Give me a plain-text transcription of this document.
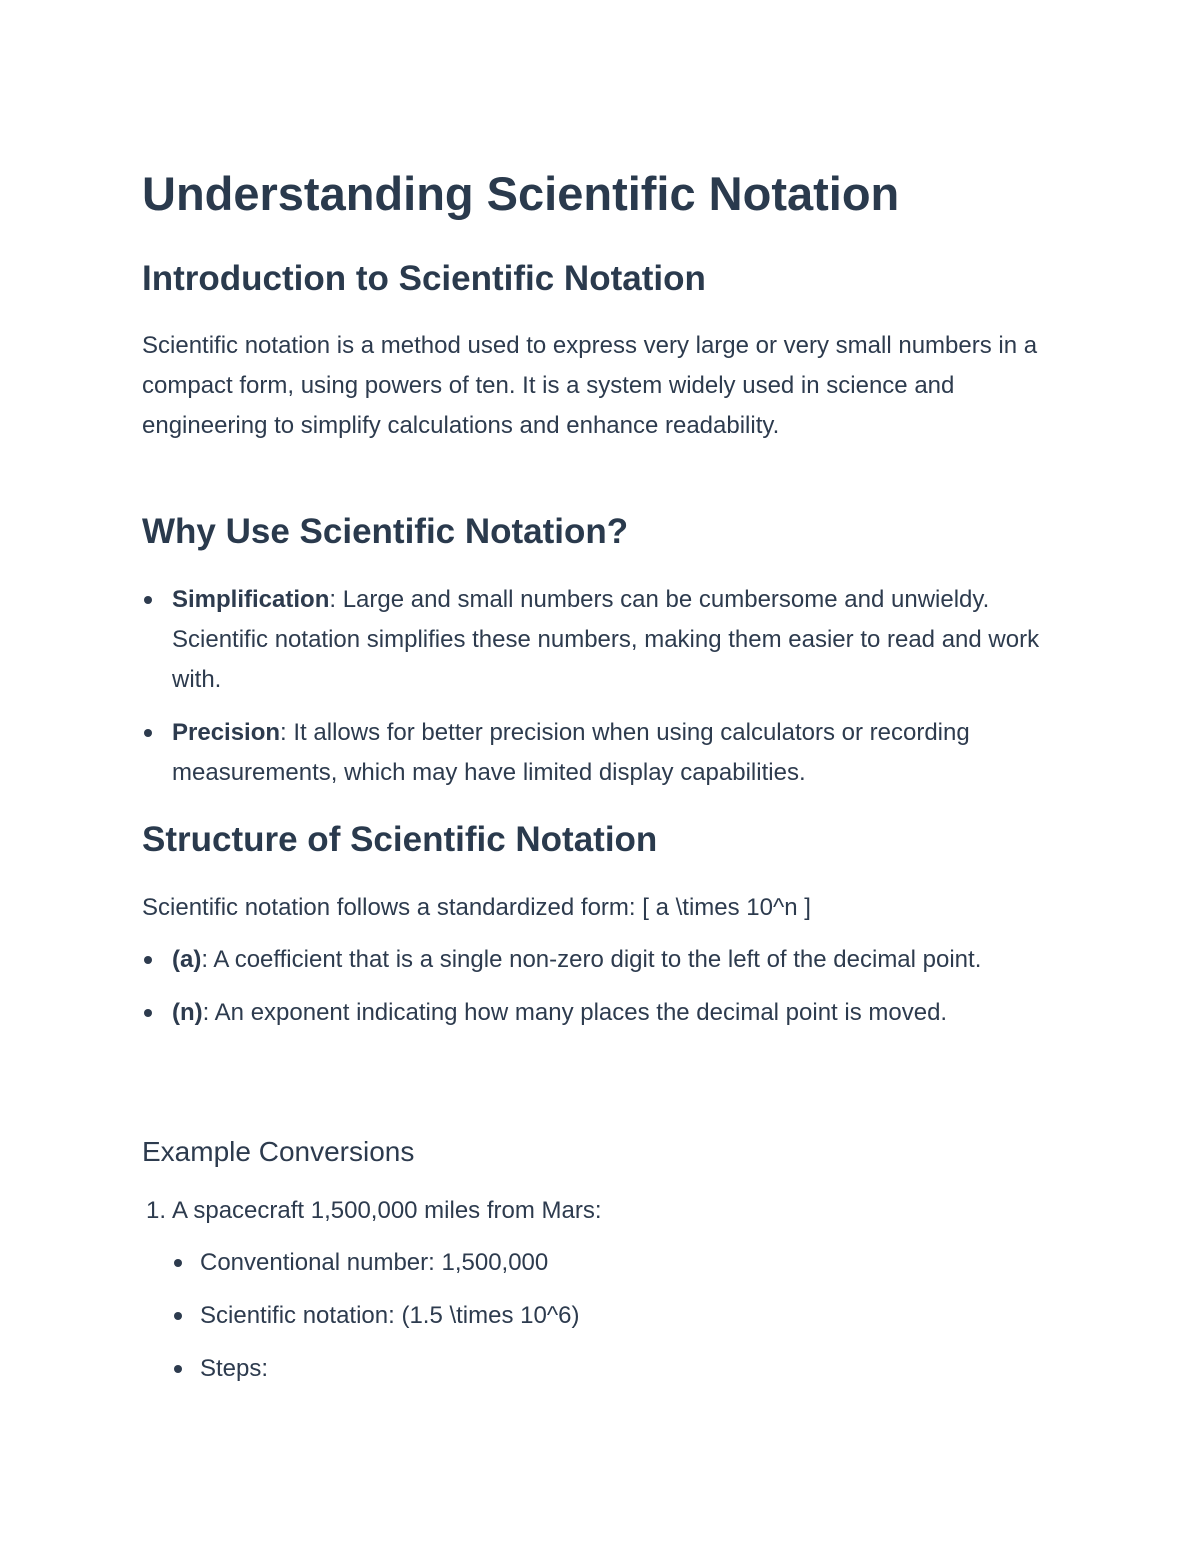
Understanding Scientific Notation
Introduction to Scientific Notation

Scientific notation is a method used to express very large or very small numbers in a compact form, using powers of ten. It is a system widely used in science and engineering to simplify calculations and enhance readability.

Why Use Scientific Notation?
Simplification: Large and small numbers can be cumbersome and unwieldy. Scientific notation simplifies these numbers, making them easier to read and work with.
Precision: It allows for better precision when using calculators or recording measurements, which may have limited display capabilities.
Structure of Scientific Notation

Scientific notation follows a standardized form: [ a \times 10^n ]

(a): A coefficient that is a single non-zero digit to the left of the decimal point.
(n): An exponent indicating how many places the decimal point is moved.
Example Conversions
1. A spacecraft 1,500,000 miles from Mars:
Conventional number: 1,500,000
Scientific notation: (1.5 \times 10^6)
Steps:
